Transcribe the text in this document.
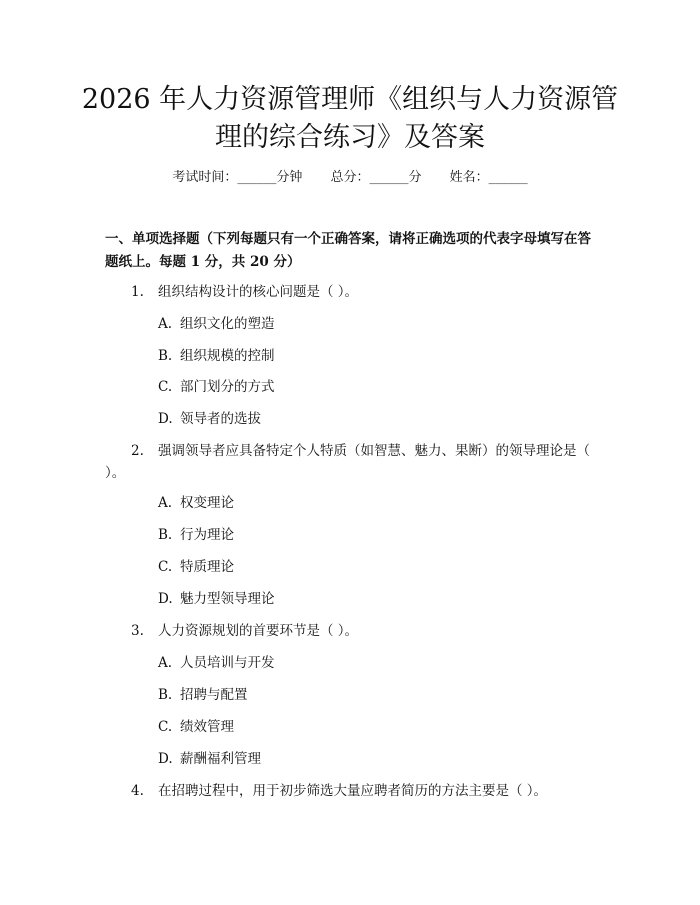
2026 年人力资源管理师《组织与人力资源管
理的综合练习》及答案
考试时间：______分钟 总分：______分 姓名：______
一、单项选择题（下列每题只有一个正确答案，请将正确选项的代表字母填写在答题纸上。每题 1 分，共 20 分）
1. 组织结构设计的核心问题是（ ）。
A. 组织文化的塑造
B. 组织规模的控制
C. 部门划分的方式
D. 领导者的选拔
2. 强调领导者应具备特定个人特质（如智慧、魅力、果断）的领导理论是（ ）。
A. 权变理论
B. 行为理论
C. 特质理论
D. 魅力型领导理论
3. 人力资源规划的首要环节是（ ）。
A. 人员培训与开发
B. 招聘与配置
C. 绩效管理
D. 薪酬福利管理
4. 在招聘过程中，用于初步筛选大量应聘者简历的方法主要是（ ）。
